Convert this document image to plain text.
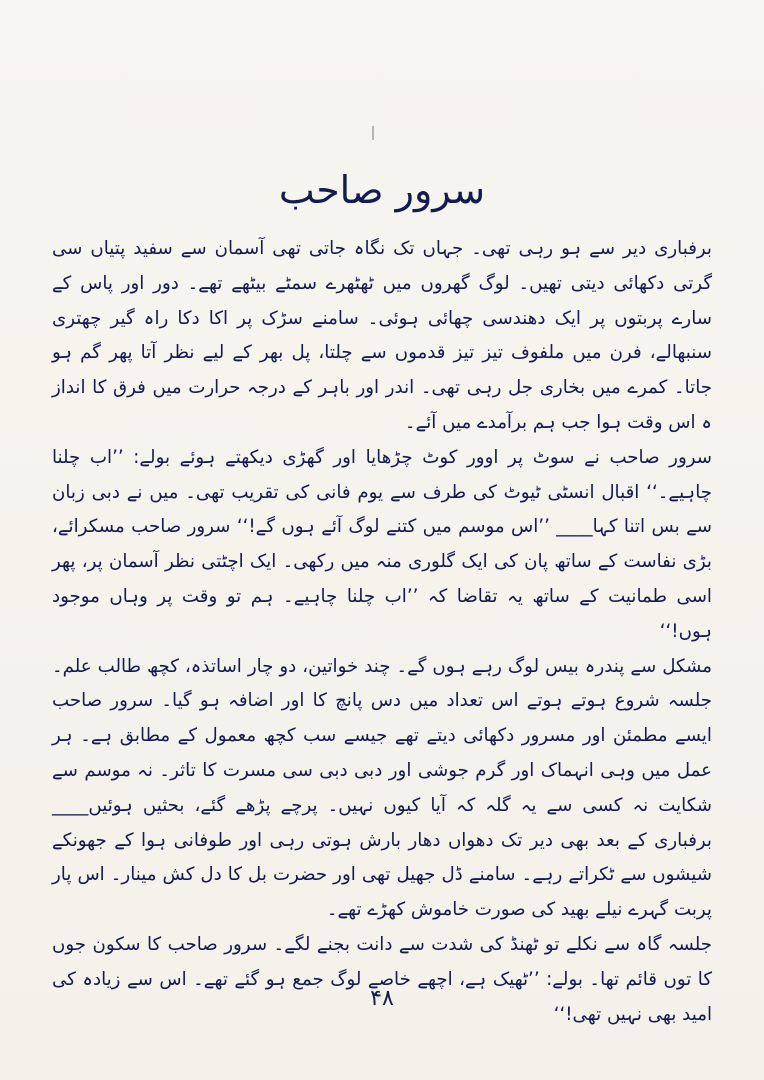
سرور صاحب

برفباری دیر سے ہو رہی تھی۔ جہاں تک نگاہ جاتی تھی آسمان سے سفید پتیاں سی گرتی دکھائی دیتی تھیں۔ لوگ گھروں میں ٹھٹھرے سمٹے بیٹھے تھے۔ دور اور پاس کے سارے پربتوں پر ایک دھندسی چھائی ہوئی۔ سامنے سڑک پر اکا دکا راہ گیر چھتری سنبھالے، فرن میں ملفوف تیز تیز قدموں سے چلتا، پل بھر کے لیے نظر آتا پھر گم ہو جاتا۔ کمرے میں بخاری جل رہی تھی۔ اندر اور باہر کے درجہ حرارت میں فرق کا انداز ہ اس وقت ہوا جب ہم برآمدے میں آئے۔

سرور صاحب نے سوٹ پر اوور کوٹ چڑھایا اور گھڑی دیکھتے ہوئے بولے: ’’اب چلنا چاہیے۔‘‘ اقبال انسٹی ٹیوٹ کی طرف سے یوم فانی کی تقریب تھی۔ میں نے دبی زبان سے بس اتنا کہا____ ’’اس موسم میں کتنے لوگ آئے ہوں گے!‘‘ سرور صاحب مسکرائے، بڑی نفاست کے ساتھ پان کی ایک گلوری منہ میں رکھی۔ ایک اچٹتی نظر آسمان پر، پھر اسی طمانیت کے ساتھ یہ تقاضا کہ ’’اب چلنا چاہیے۔ ہم تو وقت پر وہاں موجود ہوں!‘‘

مشکل سے پندرہ بیس لوگ رہے ہوں گے۔ چند خواتین، دو چار اساتذہ، کچھ طالب علم۔ جلسہ شروع ہوتے ہوتے اس تعداد میں دس پانچ کا اور اضافہ ہو گیا۔ سرور صاحب ایسے مطمئن اور مسرور دکھائی دیتے تھے جیسے سب کچھ معمول کے مطابق ہے۔ ہر عمل میں وہی انہماک اور گرم جوشی اور دبی دبی سی مسرت کا تاثر۔ نہ موسم سے شکایت نہ کسی سے یہ گلہ کہ آیا کیوں نہیں۔ پرچے پڑھے گئے، بحثیں ہوئیں____ برفباری کے بعد بھی دیر تک دھواں دھار بارش ہوتی رہی اور طوفانی ہوا کے جھونکے شیشوں سے ٹکراتے رہے۔ سامنے ڈل جھیل تھی اور حضرت بل کا دل کش مینار۔ اس پار پربت گہرے نیلے بھید کی صورت خاموش کھڑے تھے۔

جلسہ گاہ سے نکلے تو ٹھنڈ کی شدت سے دانت بجنے لگے۔ سرور صاحب کا سکون جوں کا توں قائم تھا۔ بولے: ’’ٹھیک ہے، اچھے خاصے لوگ جمع ہو گئے تھے۔ اس سے زیادہ کی امید بھی نہیں تھی!‘‘

۴۸
